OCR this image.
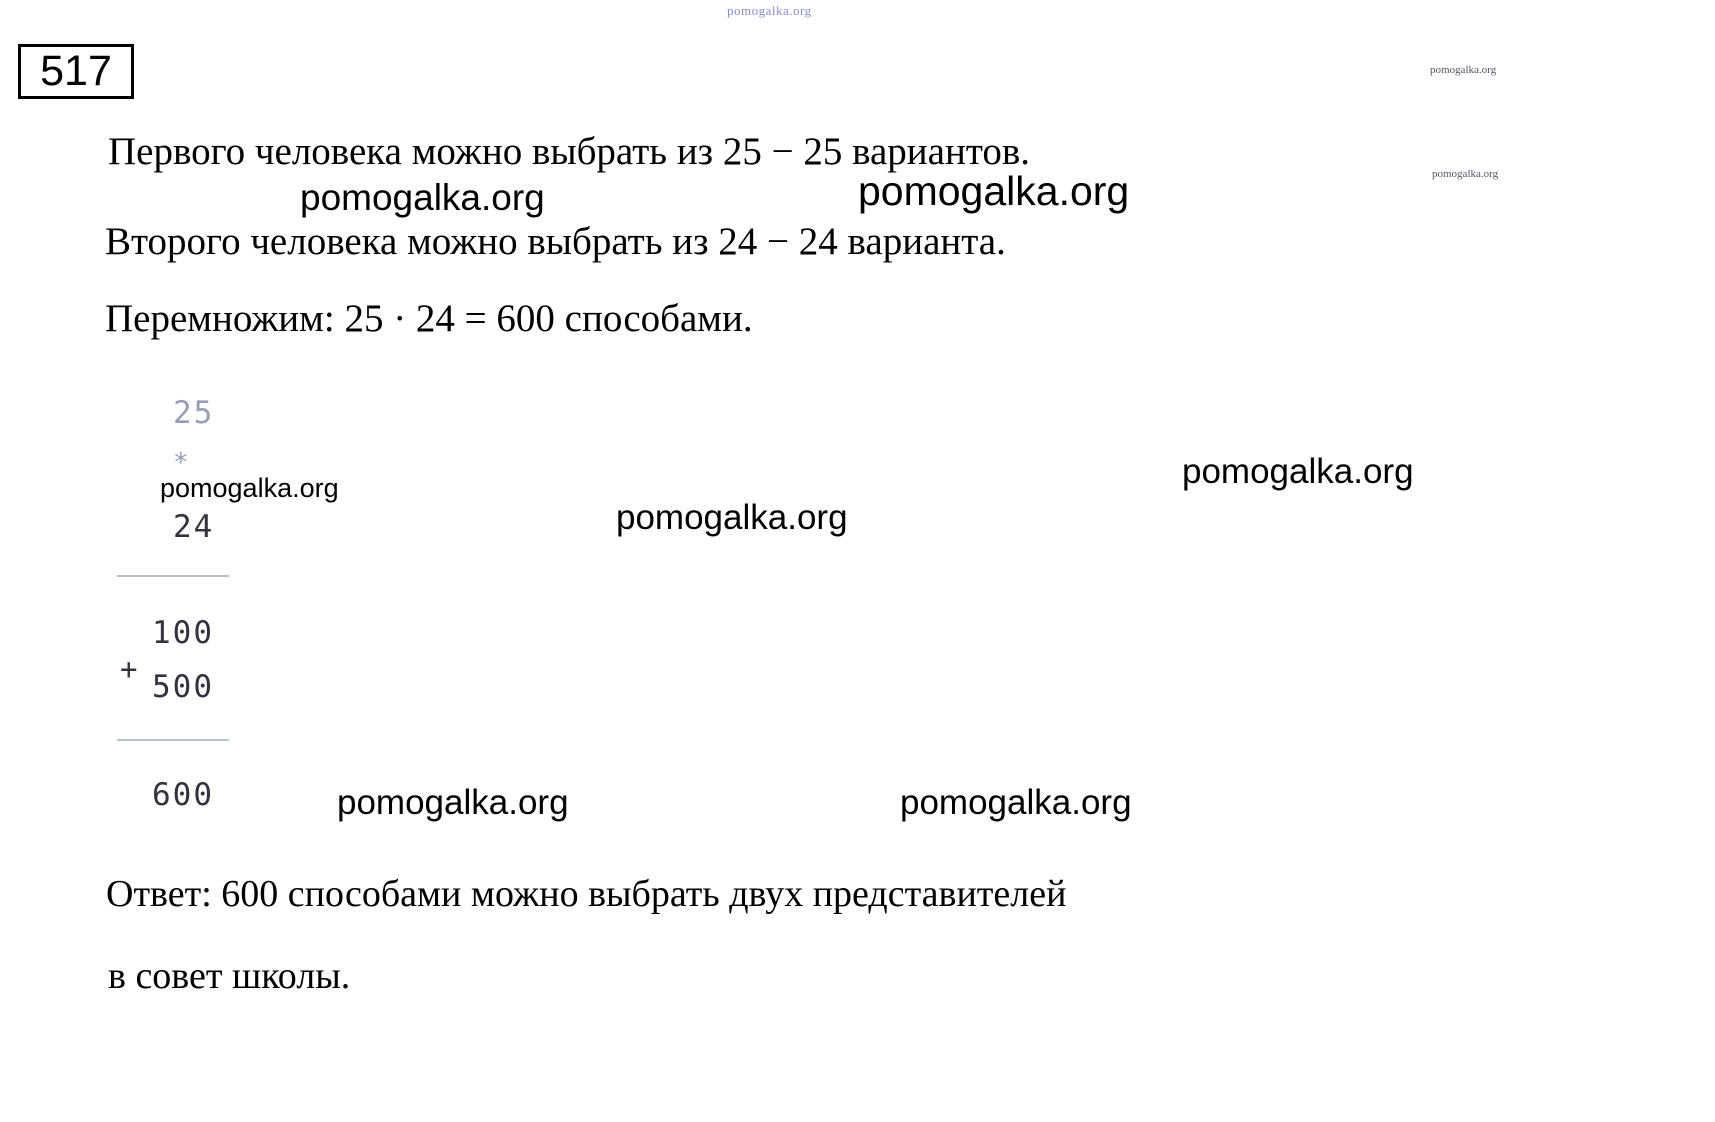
pomogalka.org
pomogalka.org
pomogalka.org
517
Первого человека можно выбрать из 25 − 25 вариантов.
Второго человека можно выбрать из 24 − 24 варианта.
Перемножим: 25 · 24 = 600 способами.
25
*
24
100
+ 500
600
pomogalka.org	pomogalka.org
pomogalka.org
pomogalka.org
pomogalka.org
pomogalka.org	pomogalka.org
Ответ: 600 способами можно выбрать двух представителей
в совет школы.
